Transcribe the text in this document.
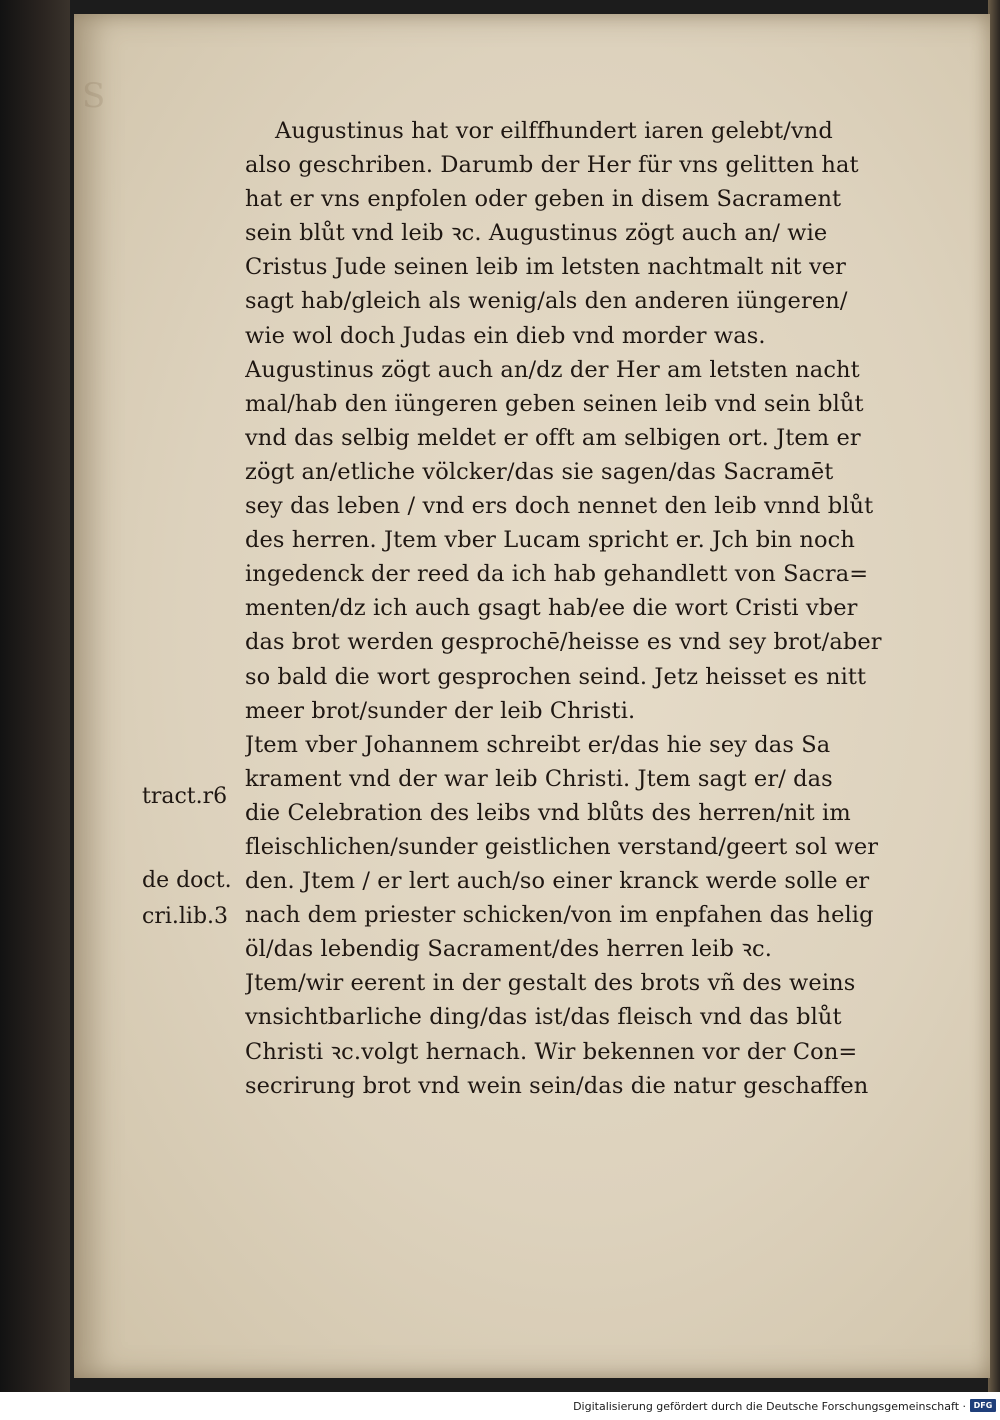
S
Augustinus hat vor eilffhundert iaren gelebt/vnd
also geschriben. Darumb der Her für vns gelitten hat
hat er vns enpfolen oder geben in disem Sacrament
sein blůt vnd leib ꝛc. Augustinus zögt auch an/ wie
Cristus Jude seinen leib im letsten nachtmalt nit ver
sagt hab/gleich als wenig/als den anderen iüngeren/
wie wol doch Judas ein dieb vnd morder was.
Augustinus zögt auch an/dz der Her am letsten nacht
mal/hab den iüngeren geben seinen leib vnd sein blůt
vnd das selbig meldet er offt am selbigen ort. Jtem er
zögt an/etliche völcker/das sie sagen/das Sacramēt
sey das leben / vnd ers doch nennet den leib vnnd blůt
des herren. Jtem vber Lucam spricht er. Jch bin noch
ingedenck der reed da ich hab gehandlett von Sacra=
menten/dz ich auch gsagt hab/ee die wort Cristi vber
das brot werden gesprochē/heisse es vnd sey brot/aber
so bald die wort gesprochen seind. Jetz heisset es nitt
meer brot/sunder der leib Christi.
Jtem vber Johannem schreibt er/das hie sey das Sa
krament vnd der war leib Christi. Jtem sagt er/ das
die Celebration des leibs vnd blůts des herren/nit im
fleischlichen/sunder geistlichen verstand/geert sol wer
den. Jtem / er lert auch/so einer kranck werde solle er
nach dem priester schicken/von im enpfahen das helig
öl/das lebendig Sacrament/des herren leib ꝛc.
Jtem/wir eerent in der gestalt des brots vñ des weins
vnsichtbarliche ding/das ist/das fleisch vnd das blůt
Christi ꝛc.volgt hernach. Wir bekennen vor der Con=
secrirung brot vnd wein sein/das die natur geschaffen
tract.r6
de doct.
cri.lib.3
Digitalisierung gefördert durch die Deutsche Forschungsgemeinschaft · DFG
